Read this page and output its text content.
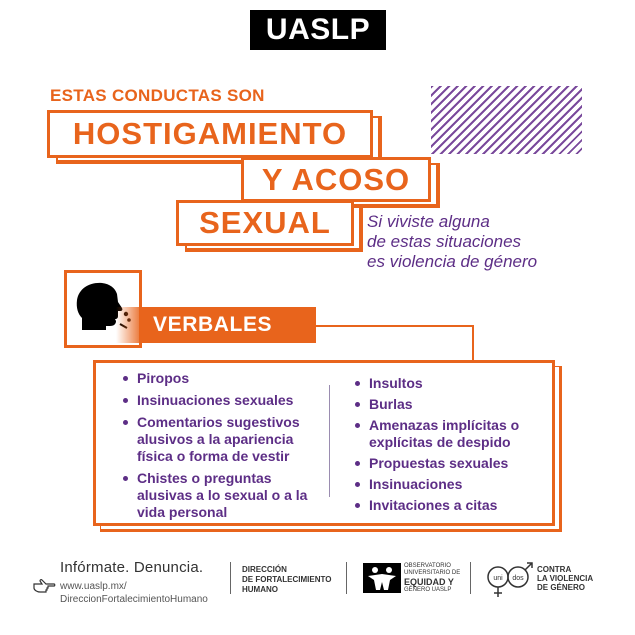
UASLP
ESTAS CONDUCTAS SON
HOSTIGAMIENTO
Y ACOSO
SEXUAL Si viviste alguna
de estas situaciones
es violencia de género
VERBALES
Piropos
Insinuaciones sexuales
Comentarios sugestivos alusivos a la apariencia física o forma de vestir
Chistes o preguntas alusivas a lo sexual o a la vida personal
Insultos
Burlas
Amenazas implícitas o explícitas de despido
Propuestas sexuales
Insinuaciones
Invitaciones a citas
Infórmate. Denuncia.
www.uaslp.mx/
DireccionFortalecimientoHumano
DIRECCIÓN
DE FORTALECIMIENTO
HUMANO
OBSERVATORIO
UNIVERSITARIO DE
EQUIDAD Y
GÉNERO UASLP
uni dos
CONTRA
LA VIOLENCIA
DE GÉNERO
